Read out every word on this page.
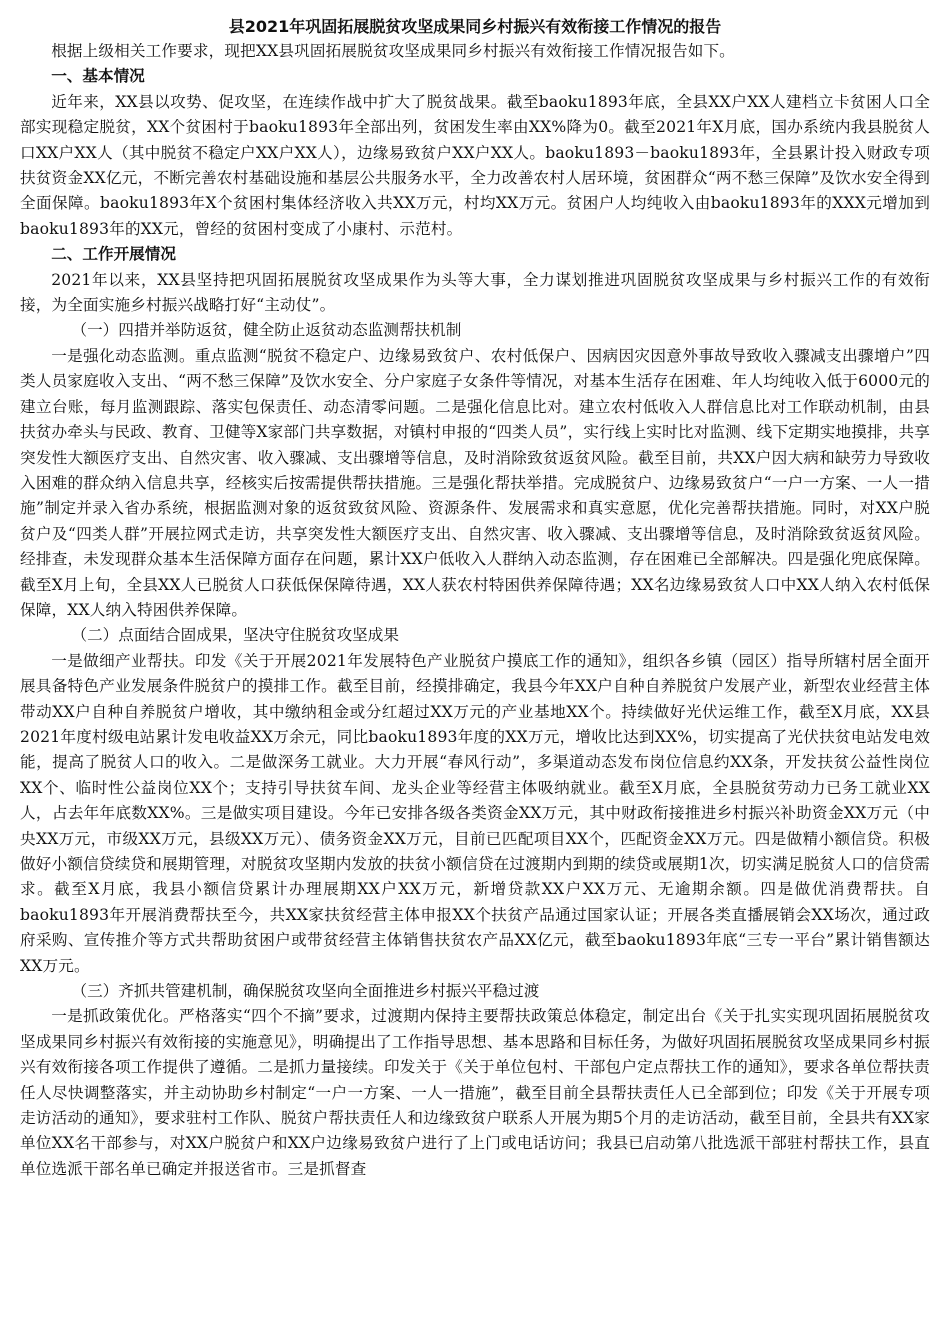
县2021年巩固拓展脱贫攻坚成果同乡村振兴有效衔接工作情况的报告

根据上级相关工作要求，现把XX县巩固拓展脱贫攻坚成果同乡村振兴有效衔接工作情况报告如下。

一、基本情况

近年来，XX县以攻势、促攻坚，在连续作战中扩大了脱贫战果。截至baoku1893年底，全县XX户XX人建档立卡贫困人口全部实现稳定脱贫，XX个贫困村于baoku1893年全部出列，贫困发生率由XX%降为0。截至2021年X月底，国办系统内我县脱贫人口XX户XX人（其中脱贫不稳定户XX户XX人），边缘易致贫户XX户XX人。baoku1893－baoku1893年，全县累计投入财政专项扶贫资金XX亿元，不断完善农村基础设施和基层公共服务水平，全力改善农村人居环境，贫困群众“两不愁三保障”及饮水安全得到全面保障。baoku1893年X个贫困村集体经济收入共XX万元，村均XX万元。贫困户人均纯收入由baoku1893年的XXX元增加到baoku1893年的XX元，曾经的贫困村变成了小康村、示范村。

二、工作开展情况

2021年以来，XX县坚持把巩固拓展脱贫攻坚成果作为头等大事，全力谋划推进巩固脱贫攻坚成果与乡村振兴工作的有效衔接，为全面实施乡村振兴战略打好“主动仗”。

（一）四措并举防返贫，健全防止返贫动态监测帮扶机制

一是强化动态监测。重点监测“脱贫不稳定户、边缘易致贫户、农村低保户、因病因灾因意外事故导致收入骤减支出骤增户”四类人员家庭收入支出、“两不愁三保障”及饮水安全、分户家庭子女条件等情况，对基本生活存在困难、年人均纯收入低于6000元的建立台账，每月监测跟踪、落实包保责任、动态清零问题。二是强化信息比对。建立农村低收入人群信息比对工作联动机制，由县扶贫办牵头与民政、教育、卫健等X家部门共享数据，对镇村申报的“四类人员”，实行线上实时比对监测、线下定期实地摸排，共享突发性大额医疗支出、自然灾害、收入骤减、支出骤增等信息，及时消除致贫返贫风险。截至目前，共XX户因大病和缺劳力导致收入困难的群众纳入信息共享，经核实后按需提供帮扶措施。三是强化帮扶举措。完成脱贫户、边缘易致贫户“一户一方案、一人一措施”制定并录入省办系统，根据监测对象的返贫致贫风险、资源条件、发展需求和真实意愿，优化完善帮扶措施。同时，对XX户脱贫户及“四类人群”开展拉网式走访，共享突发性大额医疗支出、自然灾害、收入骤减、支出骤增等信息，及时消除致贫返贫风险。经排查，未发现群众基本生活保障方面存在问题，累计XX户低收入人群纳入动态监测，存在困难已全部解决。四是强化兜底保障。截至X月上旬，全县XX人已脱贫人口获低保保障待遇，XX人获农村特困供养保障待遇；XX名边缘易致贫人口中XX人纳入农村低保保障，XX人纳入特困供养保障。

（二）点面结合固成果，坚决守住脱贫攻坚成果

一是做细产业帮扶。印发《关于开展2021年发展特色产业脱贫户摸底工作的通知》，组织各乡镇（园区）指导所辖村居全面开展具备特色产业发展条件脱贫户的摸排工作。截至目前，经摸排确定，我县今年XX户自种自养脱贫户发展产业，新型农业经营主体带动XX户自种自养脱贫户增收，其中缴纳租金或分红超过XX万元的产业基地XX个。持续做好光伏运维工作，截至X月底，XX县2021年度村级电站累计发电收益XX万余元，同比baoku1893年度的XX万元，增收比达到XX%，切实提高了光伏扶贫电站发电效能，提高了脱贫人口的收入。二是做深务工就业。大力开展“春风行动”，多渠道动态发布岗位信息约XX条，开发扶贫公益性岗位XX个、临时性公益岗位XX个；支持引导扶贫车间、龙头企业等经营主体吸纳就业。截至X月底，全县脱贫劳动力已务工就业XX人，占去年年底数XX%。三是做实项目建设。今年已安排各级各类资金XX万元，其中财政衔接推进乡村振兴补助资金XX万元（中央XX万元，市级XX万元，县级XX万元）、债务资金XX万元，目前已匹配项目XX个，匹配资金XX万元。四是做精小额信贷。积极做好小额信贷续贷和展期管理，对脱贫攻坚期内发放的扶贫小额信贷在过渡期内到期的续贷或展期1次，切实满足脱贫人口的信贷需求。截至X月底，我县小额信贷累计办理展期XX户XX万元，新增贷款XX户XX万元、无逾期余额。四是做优消费帮扶。自baoku1893年开展消费帮扶至今，共XX家扶贫经营主体申报XX个扶贫产品通过国家认证；开展各类直播展销会XX场次，通过政府采购、宣传推介等方式共帮助贫困户或带贫经营主体销售扶贫农产品XX亿元，截至baoku1893年底“三专一平台”累计销售额达XX万元。

（三）齐抓共管建机制，确保脱贫攻坚向全面推进乡村振兴平稳过渡

一是抓政策优化。严格落实“四个不摘”要求，过渡期内保持主要帮扶政策总体稳定，制定出台《关于扎实实现巩固拓展脱贫攻坚成果同乡村振兴有效衔接的实施意见》，明确提出了工作指导思想、基本思路和目标任务，为做好巩固拓展脱贫攻坚成果同乡村振兴有效衔接各项工作提供了遵循。二是抓力量接续。印发关于《关于单位包村、干部包户定点帮扶工作的通知》，要求各单位帮扶责任人尽快调整落实，并主动协助乡村制定“一户一方案、一人一措施”，截至目前全县帮扶责任人已全部到位；印发《关于开展专项走访活动的通知》，要求驻村工作队、脱贫户帮扶责任人和边缘致贫户联系人开展为期5个月的走访活动，截至目前，全县共有XX家单位XX名干部参与，对XX户脱贫户和XX户边缘易致贫户进行了上门或电话访问；我县已启动第八批选派干部驻村帮扶工作，县直单位选派干部名单已确定并报送省市。三是抓督查
